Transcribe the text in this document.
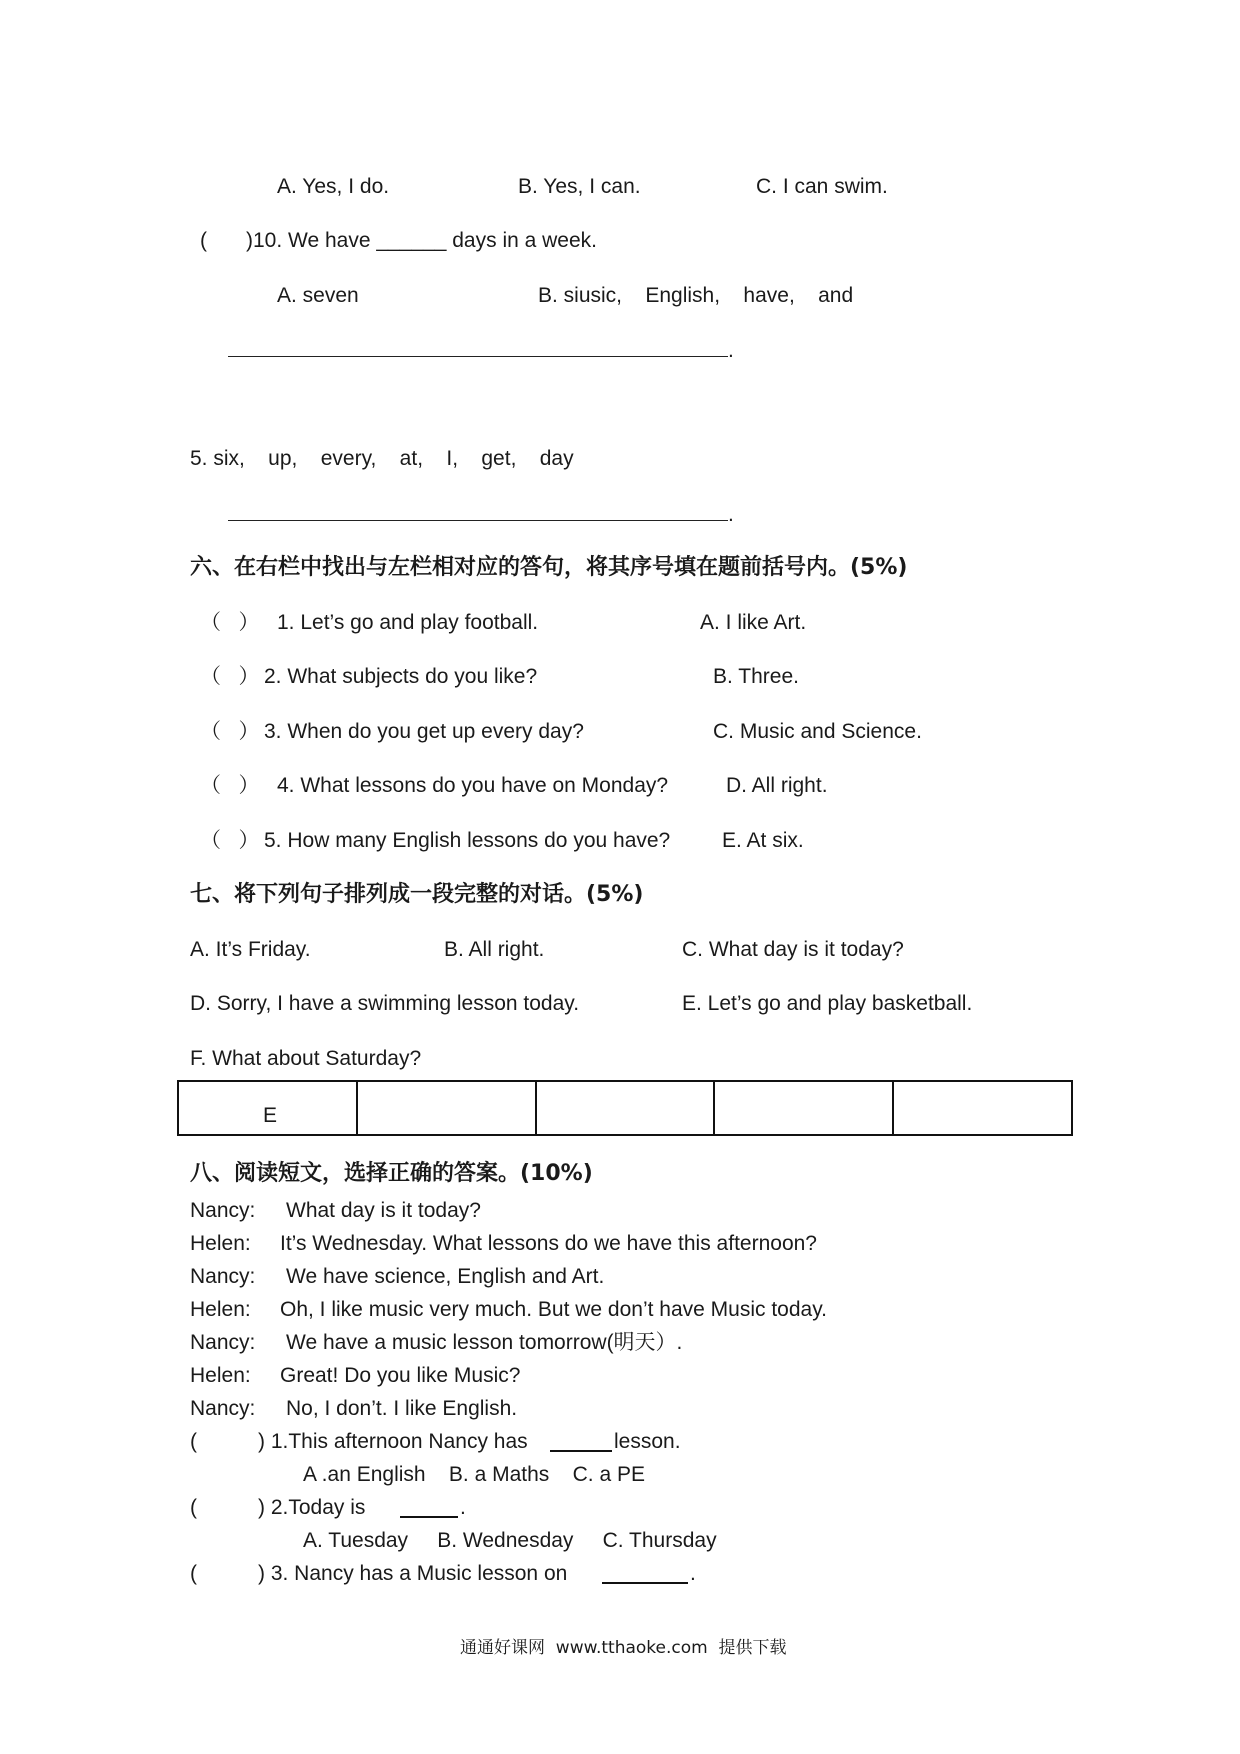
A. Yes, I do.	B. Yes, I can.	C. I can swim.
( )10. We have ______ days in a week.
A. seven	B. siusic,    English,    have,    and
.
5. six,    up,    every,    at,    I,    get,    day
.
六、在右栏中找出与左栏相对应的答句，将其序号填在题前括号内。(5%)
（   ） 1. Let’s go and play football.	A. I like Art.
（   ） 2. What subjects do you like?	B. Three.
（   ） 3. When do you get up every day?	C. Music and Science.
（   ） 4. What lessons do you have on Monday?	D. All right.
（   ） 5. How many English lessons do you have? E. At six.
七、将下列句子排列成一段完整的对话。(5%)
A. It’s Friday.	B. All right.	C. What day is it today?
D. Sorry, I have a swimming lesson today.	E. Let’s go and play basketball.
F. What about Saturday?
E				
八、阅读短文，选择正确的答案。(10%)
Nancy: What day is it today?
Helen: It’s Wednesday. What lessons do we have this afternoon?
Nancy: We have science, English and Art.
Helen: Oh, I like music very much. But we don’t have Music today.
Nancy: We have a music lesson tomorrow(明天）.
Helen: Great! Do you like Music?
Nancy: No, I don’t. I like English.
(	) 1.This afternoon Nancy has	lesson.
A .an English    B. a Maths    C. a PE
(	) 2.Today is	.
A. Tuesday     B. Wednesday     C. Thursday
(	) 3. Nancy has a Music lesson on	.
通通好课网  www.tthaoke.com  提供下载
